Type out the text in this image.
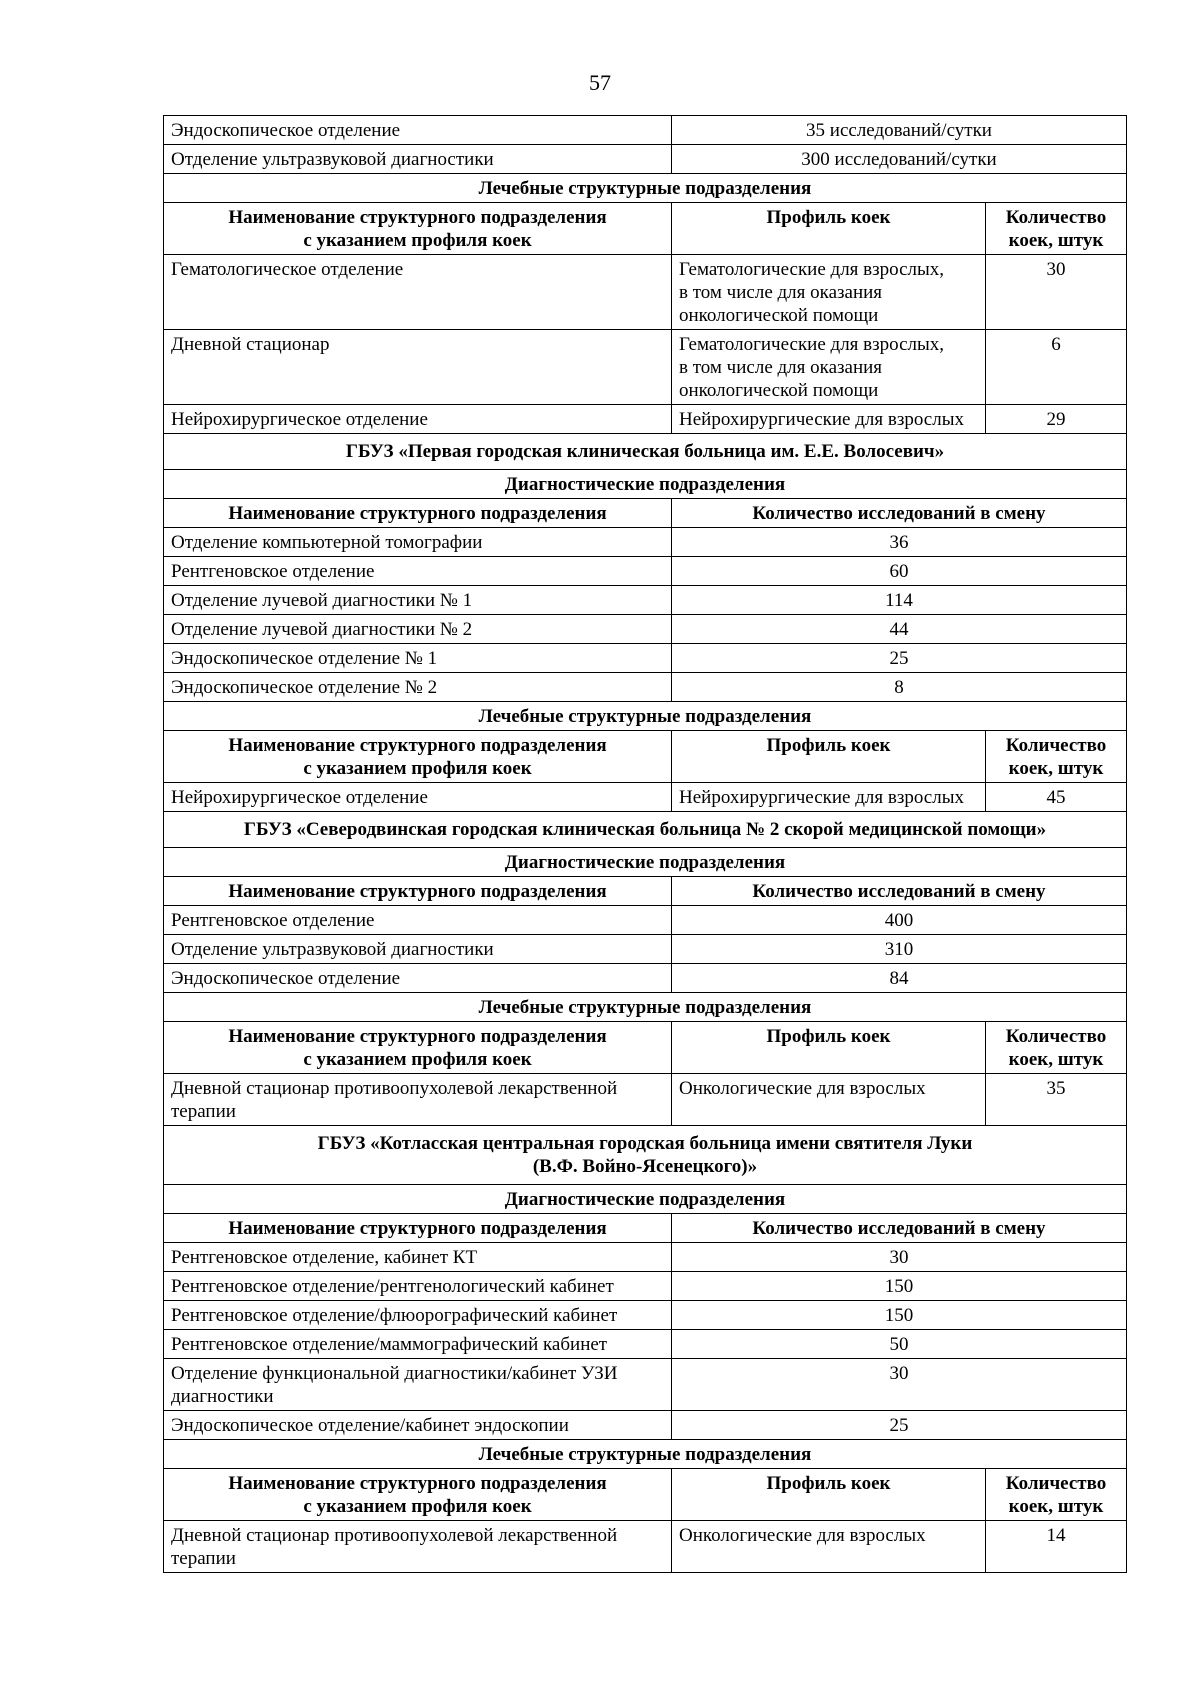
57
Эндоскопическое отделение	35 исследований/сутки	

Отделение ультразвуковой диагностики	300 исследований/сутки	
Лечебные структурные подразделения		

Наименование структурного подразделения
с указанием профиля коек	Профиль коек	Количество
коек, штук

Гематологическое отделение	Гематологические для взрослых,
в том числе для оказания
онкологической помощи	30

Дневной стационар	Гематологические для взрослых,
в том числе для оказания
онкологической помощи	6

Нейрохирургическое отделение	Нейрохирургические для взрослых	29

ГБУЗ «Первая городская клиническая больница им. Е.Е. Волосевич»		

Диагностические подразделения		
Наименование структурного подразделения	Количество исследований в смену	

Отделение компьютерной томографии	36	

Рентгеновское отделение	60	

Отделение лучевой диагностики № 1	114	

Отделение лучевой диагностики № 2	44	

Эндоскопическое отделение № 1	25	

Эндоскопическое отделение № 2	8	
Лечебные структурные подразделения		

Наименование структурного подразделения
с указанием профиля коек	Профиль коек	Количество
коек, штук

Нейрохирургическое отделение	Нейрохирургические для взрослых	45

ГБУЗ «Северодвинская городская клиническая больница № 2 скорой медицинской помощи»		

Диагностические подразделения		
Наименование структурного подразделения	Количество исследований в смену	

Рентгеновское отделение	400	

Отделение ультразвуковой диагностики	310	

Эндоскопическое отделение	84	
Лечебные структурные подразделения		

Наименование структурного подразделения
с указанием профиля коек	Профиль коек	Количество
коек, штук

Дневной стационар противоопухолевой лекарственной
терапии	Онкологические для взрослых	35

ГБУЗ «Котласская центральная городская больница имени святителя Луки
(В.Ф. Войно-Ясенецкого)»		

Диагностические подразделения		
Наименование структурного подразделения	Количество исследований в смену	

Рентгеновское отделение, кабинет КТ	30	

Рентгеновское отделение/рентгенологический кабинет	150	

Рентгеновское отделение/флюорографический кабинет	150	

Рентгеновское отделение/маммографический кабинет	50	

Отделение функциональной диагностики/кабинет УЗИ
диагностики	30	

Эндоскопическое отделение/кабинет эндоскопии	25	
Лечебные структурные подразделения		

Наименование структурного подразделения
с указанием профиля коек	Профиль коек	Количество
коек, штук

Дневной стационар противоопухолевой лекарственной
терапии	Онкологические для взрослых	14
